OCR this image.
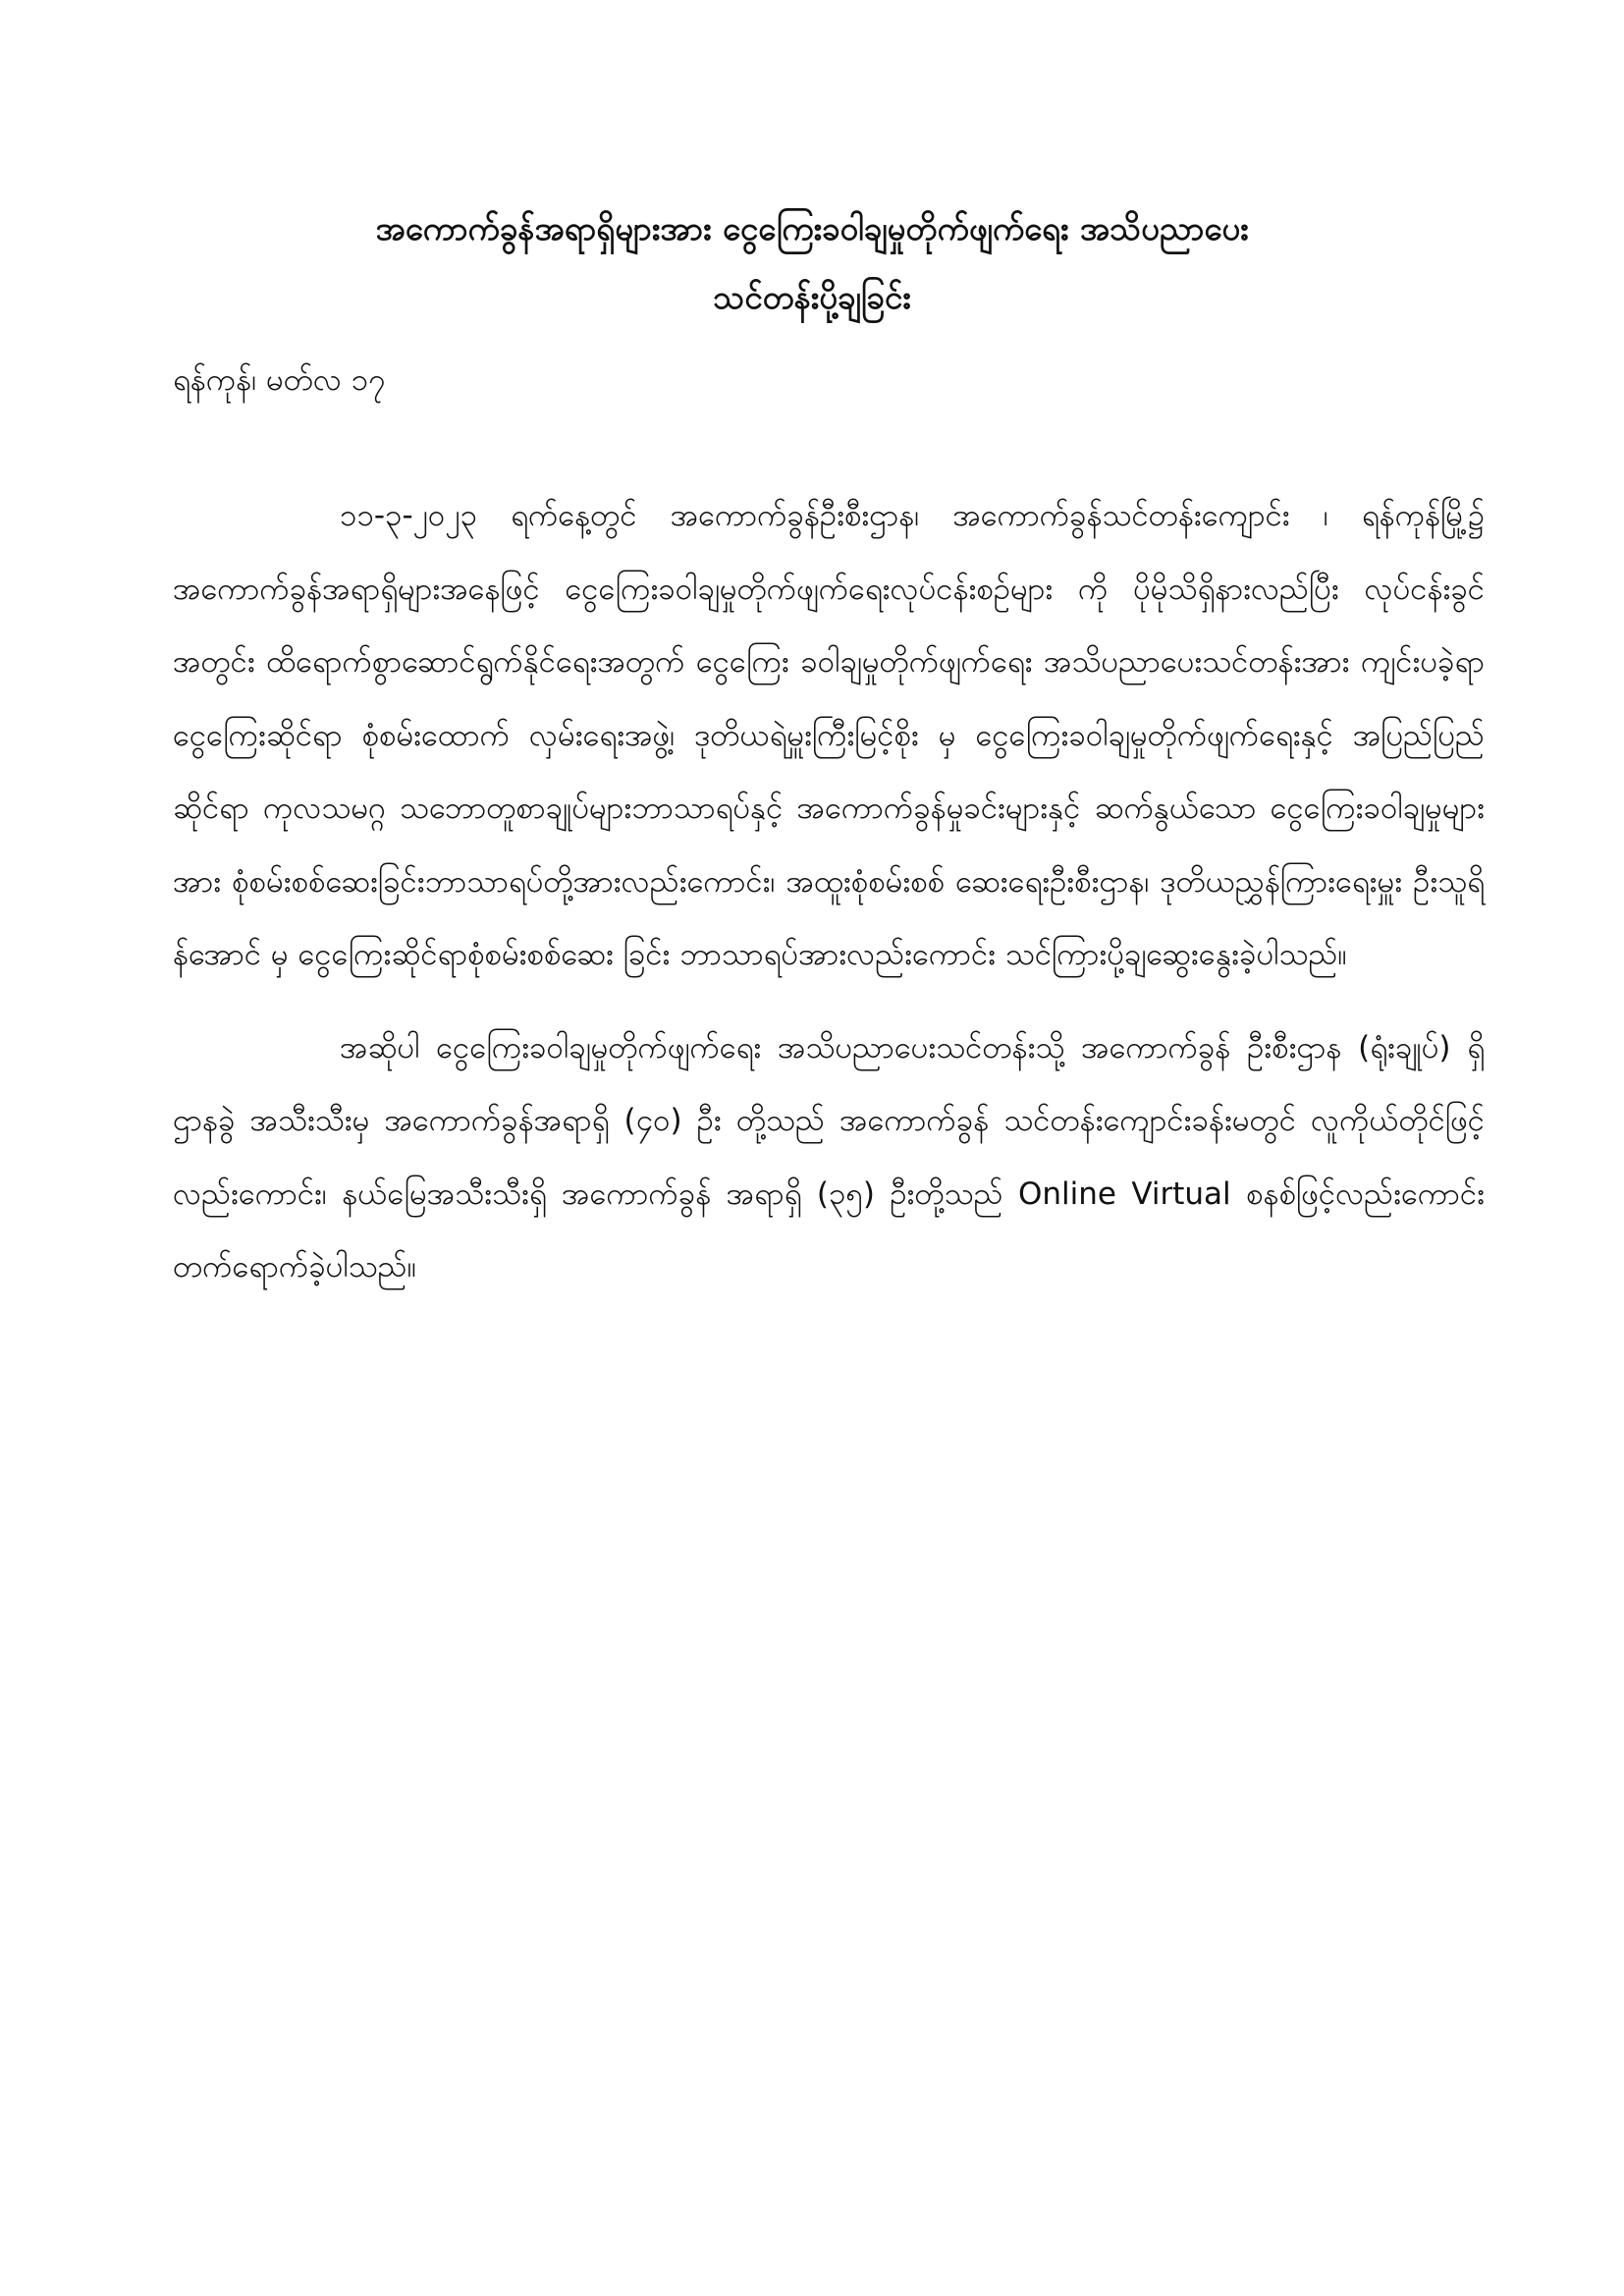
အကောက်ခွန်အရာရှိများအား ငွေကြေးခဝါချမှုတိုက်ဖျက်ရေး အသိပညာပေး
သင်တန်းပို့ချခြင်း
ရန်ကုန်၊ မတ်လ ၁၇

၁၁-၃-၂၀၂၃ ရက်နေ့တွင် အကောက်ခွန်ဦးစီးဌာန၊ အကောက်ခွန်သင်တန်းကျောင်း ၊ ရန်ကုန်မြို့၌ အကောက်ခွန်အရာရှိများအနေဖြင့် ငွေကြေးခဝါချမှုတိုက်ဖျက်ရေးလုပ်ငန်းစဉ်များ ကို ပိုမိုသိရှိနားလည်ပြီး လုပ်ငန်းခွင်အတွင်း ထိရောက်စွာဆောင်ရွက်နိုင်ရေးအတွက် ငွေကြေး ခဝါချမှုတိုက်ဖျက်ရေး အသိပညာပေးသင်တန်းအား ကျင်းပခဲ့ရာ ငွေကြေးဆိုင်ရာ စုံစမ်းထောက် လှမ်းရေးအဖွဲ့၊ ဒုတိယရဲမှူးကြီးမြင့်စိုး မှ ငွေကြေးခဝါချမှုတိုက်ဖျက်ရေးနှင့် အပြည်ပြည်ဆိုင်ရာ ကုလသမဂ္ဂ သဘောတူစာချုပ်များဘာသာရပ်နှင့် အကောက်ခွန်မှုခင်းများနှင့် ဆက်နွယ်သော ငွေကြေးခဝါချမှုများအား စုံစမ်းစစ်ဆေးခြင်းဘာသာရပ်တို့အားလည်းကောင်း၊ အထူးစုံစမ်းစစ် ဆေးရေးဦးစီးဌာန၊ ဒုတိယညွှန်ကြားရေးမှူး ဦးသူရိန်အောင် မှ ငွေကြေးဆိုင်ရာစုံစမ်းစစ်ဆေး ခြင်း ဘာသာရပ်အားလည်းကောင်း သင်ကြားပို့ချဆွေးနွေးခဲ့ပါသည်။

အဆိုပါ ငွေကြေးခဝါချမှုတိုက်ဖျက်ရေး အသိပညာပေးသင်တန်းသို့ အကောက်ခွန် ဦးစီးဌာန (ရုံးချုပ်) ရှိ ဌာနခွဲ အသီးသီးမှ အကောက်ခွန်အရာရှိ (၄၀) ဦး တို့သည် အကောက်ခွန် သင်တန်းကျောင်းခန်းမတွင် လူကိုယ်တိုင်ဖြင့်လည်းကောင်း၊ နယ်မြေအသီးသီးရှိ အကောက်ခွန် အရာရှိ (၃၅) ဦးတို့သည် Online Virtual စနစ်ဖြင့်လည်းကောင်း တက်ရောက်ခဲ့ပါသည်။
